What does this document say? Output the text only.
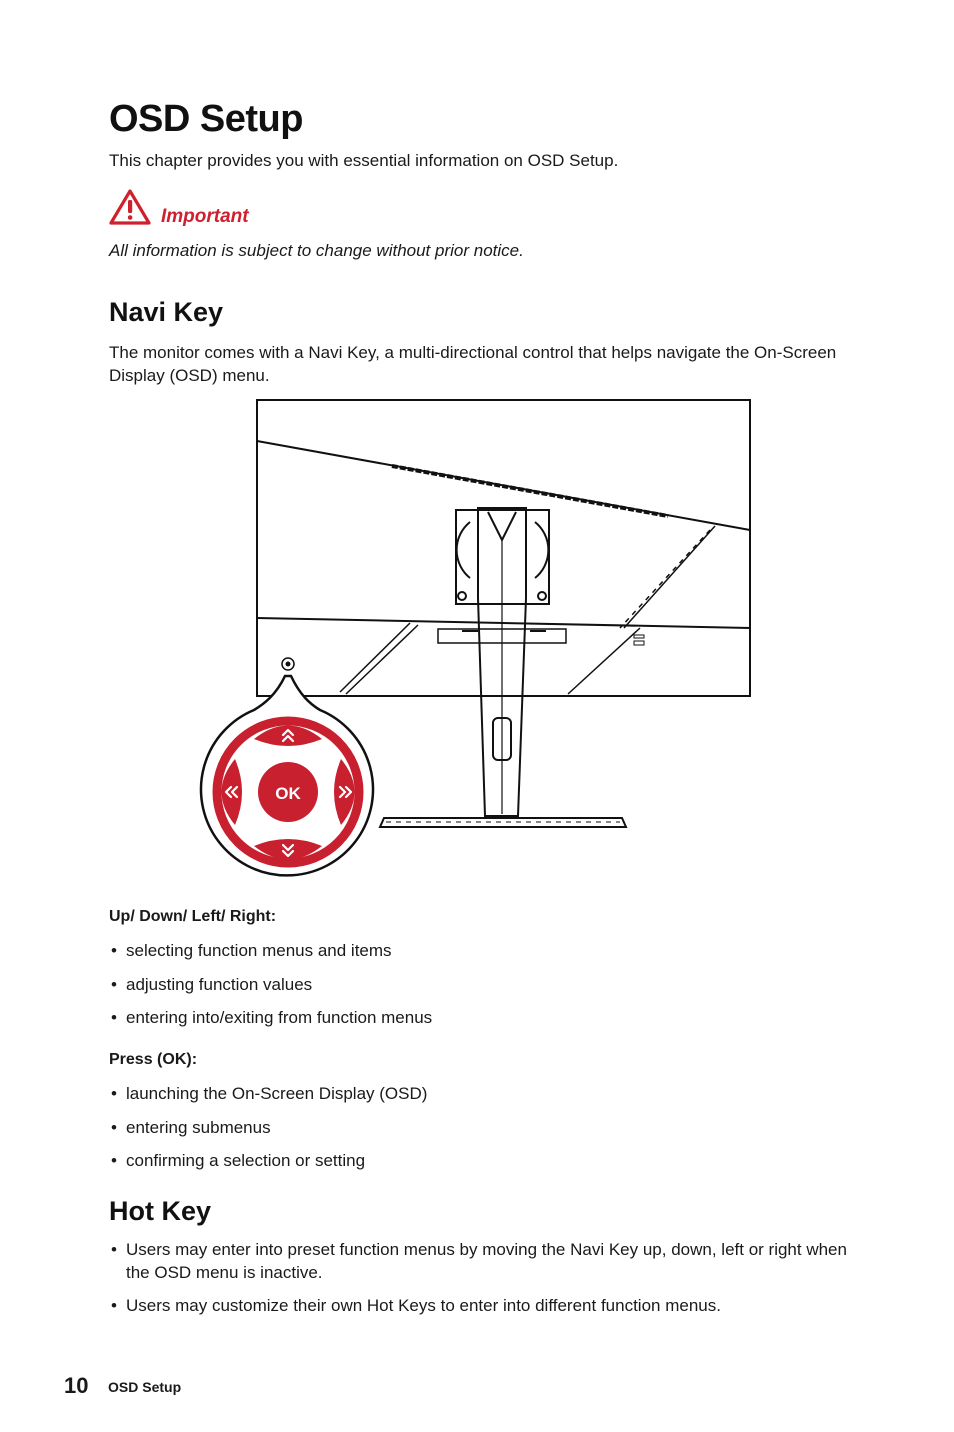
OSD Setup
This chapter provides you with essential information on OSD Setup.
Important
All information is subject to change without prior notice.
Navi Key

The monitor comes with a Navi Key, a multi-directional control that helps navigate the On-Screen Display (OSD) menu.

OK
Up/ Down/ Left/ Right:
• selecting function menus and items
• adjusting function values
• entering into/exiting from function menus
Press (OK):
• launching the On-Screen Display (OSD)
• entering submenus
• confirming a selection or setting
Hot Key
• Users may enter into preset function menus by moving the Navi Key up, down, left or right when the OSD menu is inactive.
• Users may customize their own Hot Keys to enter into different function menus.
10 OSD Setup
